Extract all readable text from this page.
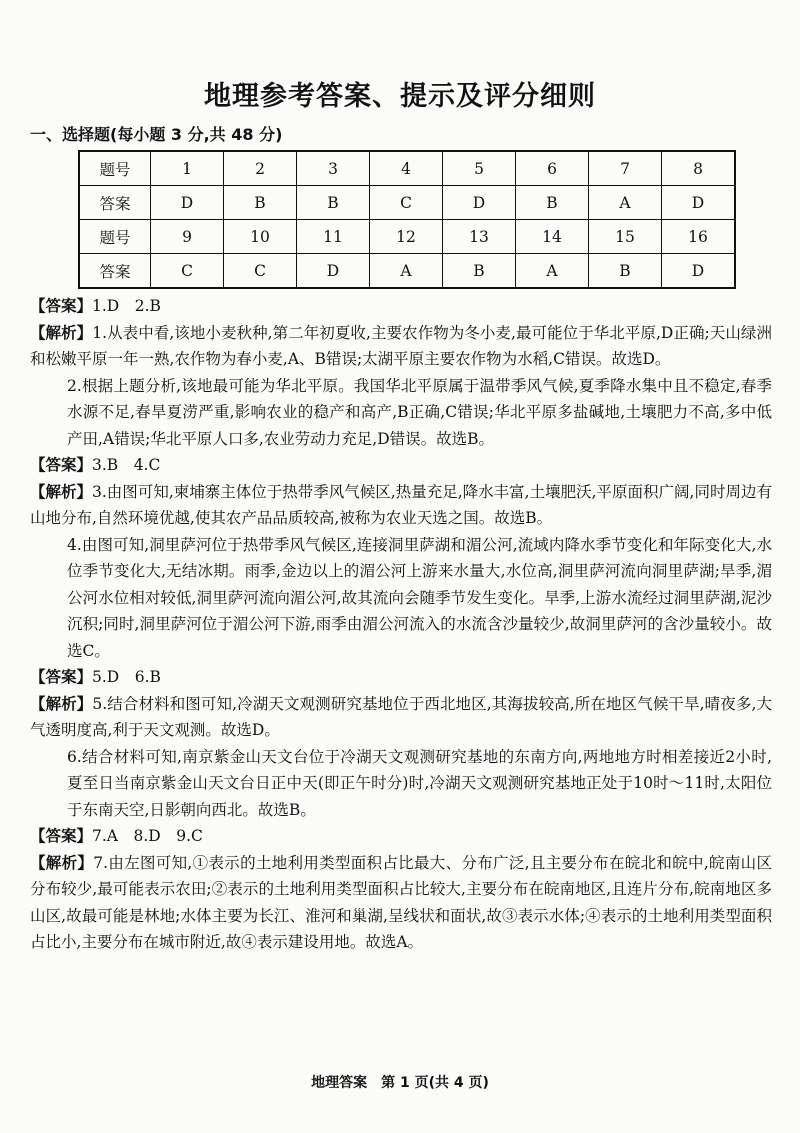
地理参考答案、提示及评分细则
一、选择题(每小题 3 分,共 48 分)
题号	1	2	3	4	5	6	7	8
答案	D	B	B	C	D	B	A	D
题号	9	10	11	12	13	14	15	16
答案	C	C	D	A	B	A	B	D

【答案】1.D　2.B

【解析】1.从表中看,该地小麦秋种,第二年初夏收,主要农作物为冬小麦,最可能位于华北平原,D正确;天山绿洲和松嫩平原一年一熟,农作物为春小麦,A、B错误;太湖平原主要农作物为水稻,C错误。故选D。

2.根据上题分析,该地最可能为华北平原。我国华北平原属于温带季风气候,夏季降水集中且不稳定,春季水源不足,春旱夏涝严重,影响农业的稳产和高产,B正确,C错误;华北平原多盐碱地,土壤肥力不高,多中低产田,A错误;华北平原人口多,农业劳动力充足,D错误。故选B。

【答案】3.B　4.C

【解析】3.由图可知,柬埔寨主体位于热带季风气候区,热量充足,降水丰富,土壤肥沃,平原面积广阔,同时周边有山地分布,自然环境优越,使其农产品品质较高,被称为农业天选之国。故选B。

4.由图可知,洞里萨河位于热带季风气候区,连接洞里萨湖和湄公河,流域内降水季节变化和年际变化大,水位季节变化大,无结冰期。雨季,金边以上的湄公河上游来水量大,水位高,洞里萨河流向洞里萨湖;旱季,湄公河水位相对较低,洞里萨河流向湄公河,故其流向会随季节发生变化。旱季,上游水流经过洞里萨湖,泥沙沉积;同时,洞里萨河位于湄公河下游,雨季由湄公河流入的水流含沙量较少,故洞里萨河的含沙量较小。故选C。

【答案】5.D　6.B

【解析】5.结合材料和图可知,冷湖天文观测研究基地位于西北地区,其海拔较高,所在地区气候干旱,晴夜多,大气透明度高,利于天文观测。故选D。

6.结合材料可知,南京紫金山天文台位于冷湖天文观测研究基地的东南方向,两地地方时相差接近2小时,夏至日当南京紫金山天文台日正中天(即正午时分)时,冷湖天文观测研究基地正处于10时～11时,太阳位于东南天空,日影朝向西北。故选B。

【答案】7.A　8.D　9.C

【解析】7.由左图可知,①表示的土地利用类型面积占比最大、分布广泛,且主要分布在皖北和皖中,皖南山区分布较少,最可能表示农田;②表示的土地利用类型面积占比较大,主要分布在皖南地区,且连片分布,皖南地区多山区,故最可能是林地;水体主要为长江、淮河和巢湖,呈线状和面状,故③表示水体;④表示的土地利用类型面积占比小,主要分布在城市附近,故④表示建设用地。故选A。

地理答案　第 1 页(共 4 页)
